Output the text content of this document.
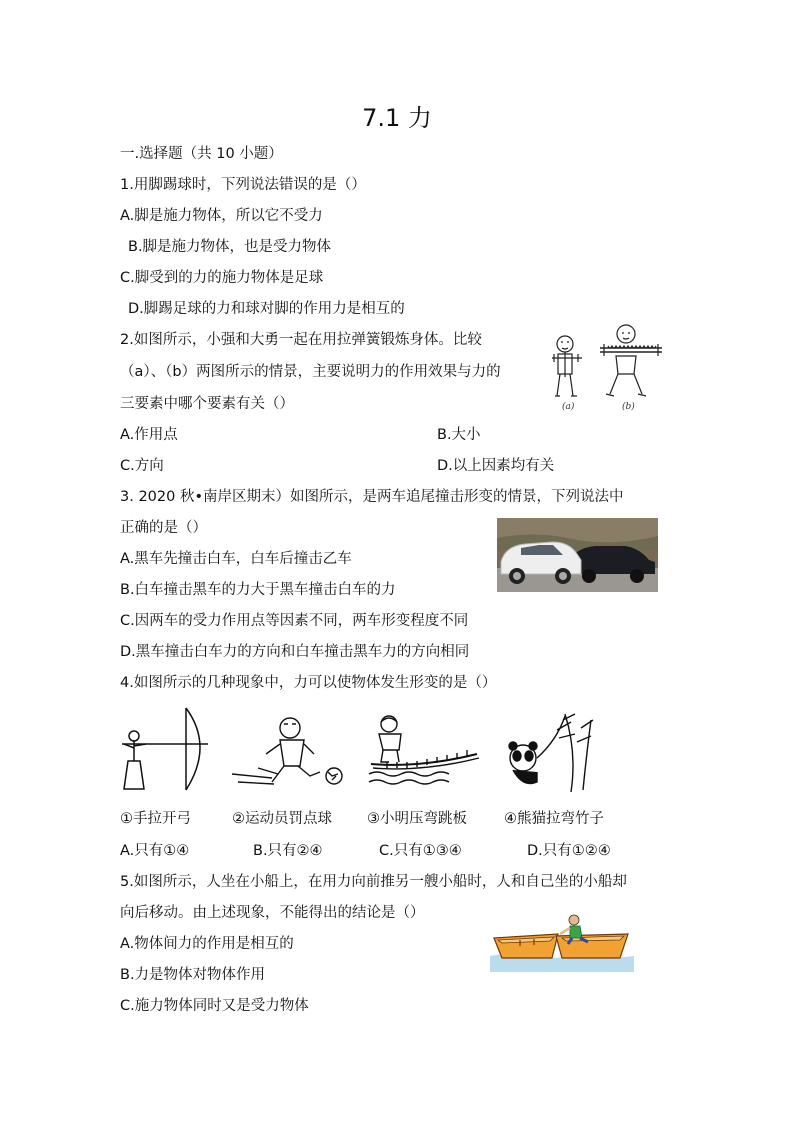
7.1 力
一.选择题（共 10 小题）
1.用脚踢球时，下列说法错误的是（）
A.脚是施力物体，所以它不受力
B.脚是施力物体，也是受力物体
C.脚受到的力的施力物体是足球
D.脚踢足球的力和球对脚的作用力是相互的
2.如图所示，小强和大勇一起在用拉弹簧锻炼身体。比较
（a）、（b）两图所示的情景，主要说明力的作用效果与力的
三要素中哪个要素有关（）
A.作用点	B.大小
C.方向	D.以上因素均有关
(a)	(b)
3. 2020 秋•南岸区期末）如图所示，是两车追尾撞击形变的情景，下列说法中
正确的是（）
A.黑车先撞击白车，白车后撞击乙车
B.白车撞击黑车的力大于黑车撞击白车的力
C.因两车的受力作用点等因素不同，两车形变程度不同
D.黑车撞击白车力的方向和白车撞击黑车力的方向相同
4.如图所示的几种现象中，力可以使物体发生形变的是（）
①手拉开弓	②运动员罚点球 ③小明压弯跳板	④熊猫拉弯竹子
A.只有①④	B.只有②④	C.只有①③④	D.只有①②④
5.如图所示，人坐在小船上，在用力向前推另一艘小船时，人和自己坐的小船却
向后移动。由上述现象，不能得出的结论是（）
A.物体间力的作用是相互的
B.力是物体对物体作用
C.施力物体同时又是受力物体
